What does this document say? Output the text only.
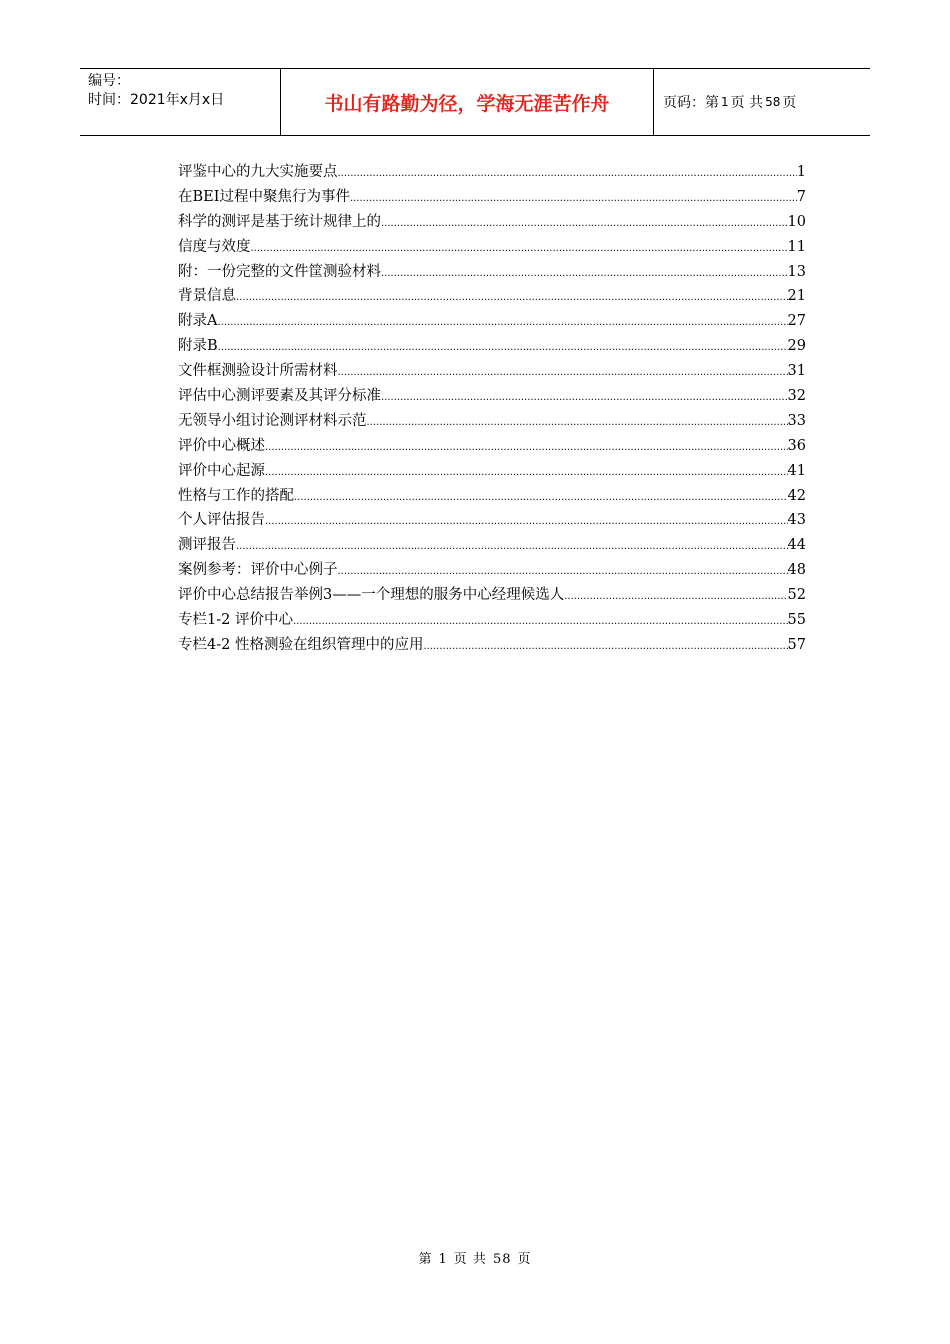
编号：
时间：2021年x月x日	书山有路勤为径，学海无涯苦作舟	页码：第 1 页 共 58 页
评鉴中心的九大实施要点 .....	1
在BEI过程中聚焦行为事件 .....	7
科学的测评是基于统计规律上的 .....	10
信度与效度 .....	11
附：一份完整的文件筐测验材料 .....	13
背景信息 .....	21
附录A .....	27
附录B .....	29
文件框测验设计所需材料 .....	31
评估中心测评要素及其评分标准 .....	32
无领导小组讨论测评材料示范 .....	33
评价中心概述 .....	36
评价中心起源 .....	41
性格与工作的搭配 .....	42
个人评估报告 .....	43
测评报告 .....	44
案例参考：评价中心例子 .....	48
评价中心总结报告举例3——一个理想的服务中心经理候选人 .....	52
专栏1-2 评价中心 .....	55
专栏4-2 性格测验在组织管理中的应用 .....	57
第 1 页 共 58 页
